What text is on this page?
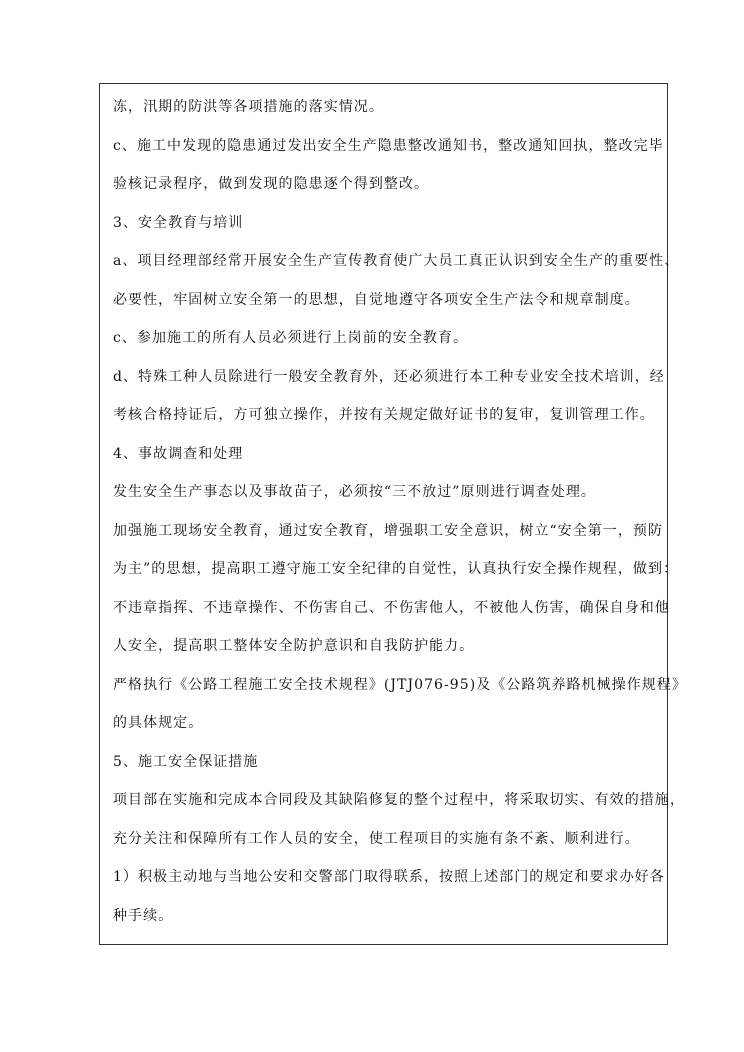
冻，汛期的防洪等各项措施的落实情况。
c、施工中发现的隐患通过发出安全生产隐患整改通知书，整改通知回执，整改完毕
验核记录程序，做到发现的隐患逐个得到整改。
3、安全教育与培训
a、项目经理部经常开展安全生产宣传教育使广大员工真正认识到安全生产的重要性、
必要性，牢固树立安全第一的思想，自觉地遵守各项安全生产法令和规章制度。
c、参加施工的所有人员必须进行上岗前的安全教育。
d、特殊工种人员除进行一般安全教育外，还必须进行本工种专业安全技术培训，经
考核合格持证后，方可独立操作，并按有关规定做好证书的复审，复训管理工作。
4、事故调查和处理
发生安全生产事态以及事故苗子，必须按“三不放过”原则进行调查处理。
加强施工现场安全教育，通过安全教育，增强职工安全意识，树立“安全第一，预防
为主”的思想，提高职工遵守施工安全纪律的自觉性，认真执行安全操作规程，做到：
不违章指挥、不违章操作、不伤害自己、不伤害他人，不被他人伤害，确保自身和他
人安全，提高职工整体安全防护意识和自我防护能力。
严格执行《公路工程施工安全技术规程》(JTJ076-95)及《公路筑养路机械操作规程》
的具体规定。
5、施工安全保证措施
项目部在实施和完成本合同段及其缺陷修复的整个过程中，将采取切实、有效的措施，
充分关注和保障所有工作人员的安全，使工程项目的实施有条不紊、顺利进行。
1）积极主动地与当地公安和交警部门取得联系，按照上述部门的规定和要求办好各
种手续。
